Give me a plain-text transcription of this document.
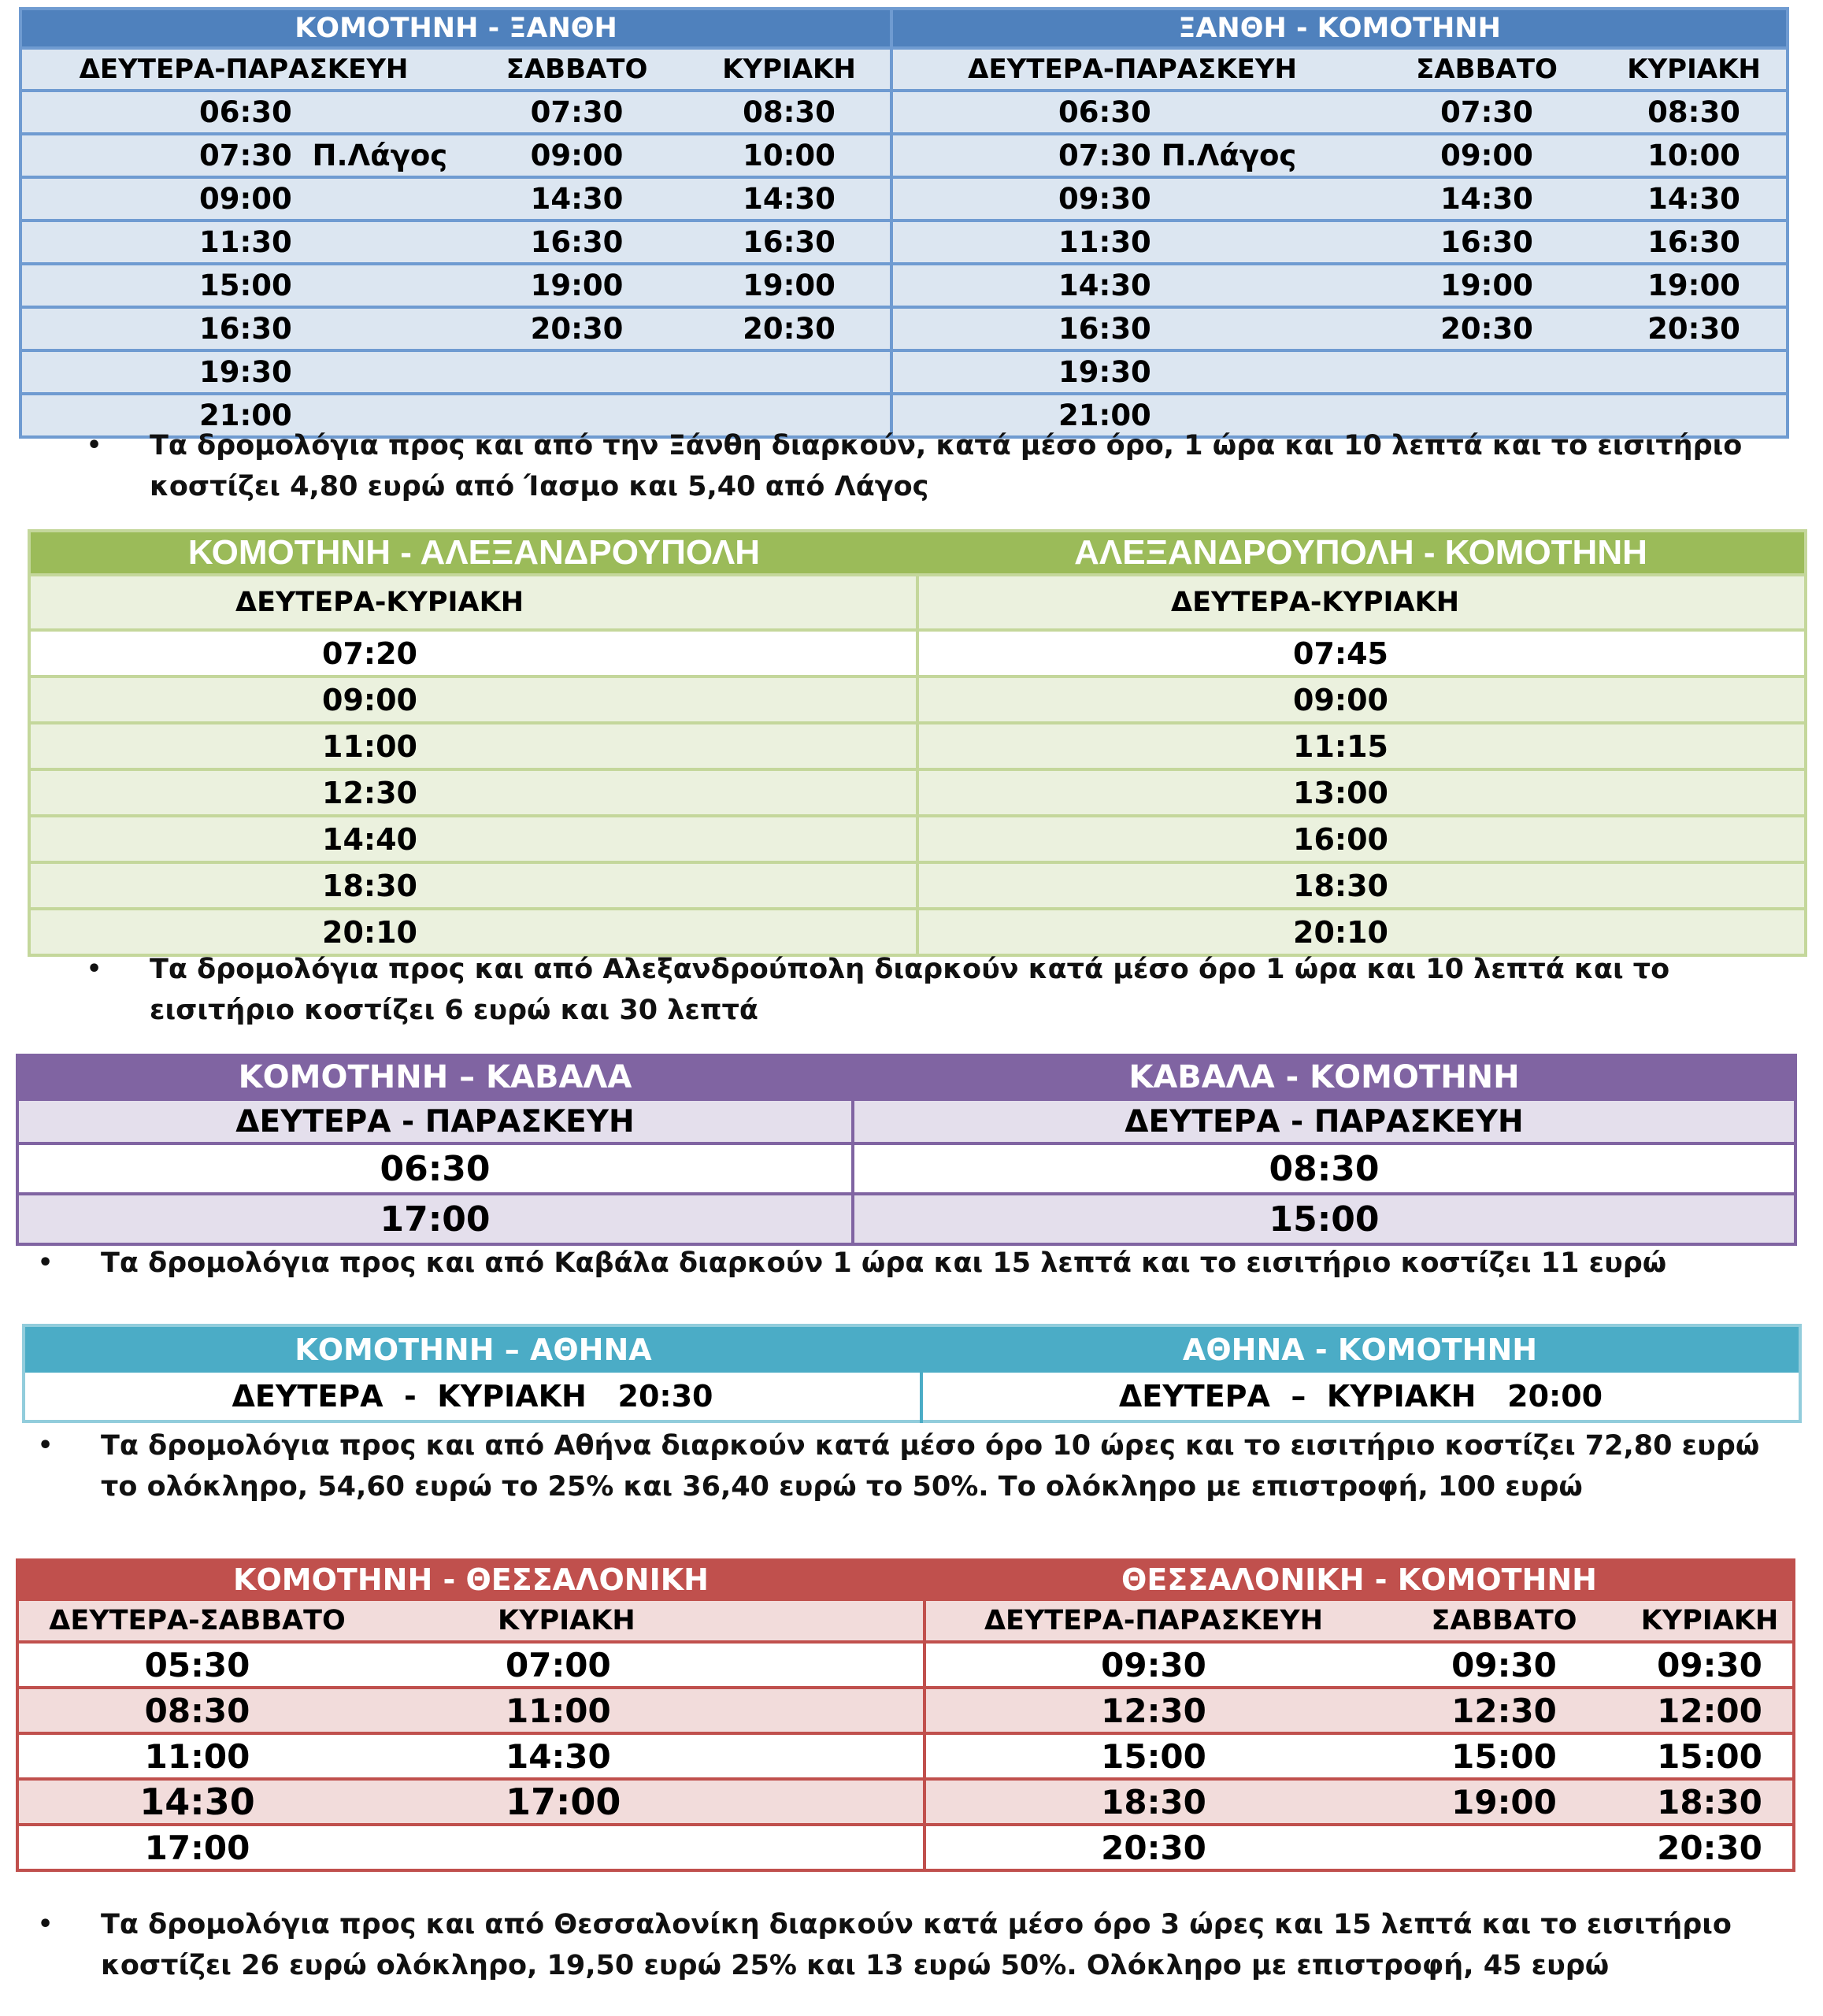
ΚΟΜΟΤΗΝΗ - ΞΑΝΘΗ			ΞΑΝΘΗ - ΚΟΜΟΤΗΝΗ		
ΔΕΥΤΕΡΑ-ΠΑΡΑΣΚΕΥΗ	ΣΑΒΒΑΤΟ	ΚΥΡΙΑΚΗ	ΔΕΥΤΕΡΑ-ΠΑΡΑΣΚΕΥΗ	ΣΑΒΒΑΤΟ	ΚΥΡΙΑΚΗ
06:30	07:30	08:30	06:30	07:30	08:30
07:30  Π.Λάγος	09:00	10:00	07:30 Π.Λάγος	09:00	10:00
09:00	14:30	14:30	09:30	14:30	14:30
11:30	16:30	16:30	11:30	16:30	16:30
15:00	19:00	19:00	14:30	19:00	19:00
16:30	20:30	20:30	16:30	20:30	20:30
19:30			19:30		
21:00			21:00		
• Τα δρομολόγια προς και από την Ξάνθη διαρκούν, κατά μέσο όρο, 1 ώρα και 10 λεπτά και το εισιτήριο κοστίζει 4,80 ευρώ από Ίασμο και 5,40 από Λάγος
ΚΟΜΟΤΗΝΗ - ΑΛΕΞΑΝΔΡΟΥΠΟΛΗ	ΑΛΕΞΑΝΔΡΟΥΠΟΛΗ - ΚΟΜΟΤΗΝΗ
ΔΕΥΤΕΡΑ-ΚΥΡΙΑΚΗ	ΔΕΥΤΕΡΑ-ΚΥΡΙΑΚΗ
07:20	07:45
09:00	09:00
11:00	11:15
12:30	13:00
14:40	16:00
18:30	18:30
20:10	20:10
• Τα δρομολόγια προς και από Αλεξανδρούπολη διαρκούν κατά μέσο όρο 1 ώρα και 10 λεπτά και το εισιτήριο κοστίζει 6 ευρώ και 30 λεπτά
ΚΟΜΟΤΗΝΗ – ΚΑΒΑΛΑ	ΚΑΒΑΛΑ - ΚΟΜΟΤΗΝΗ
ΔΕΥΤΕΡΑ - ΠΑΡΑΣΚΕΥΗ	ΔΕΥΤΕΡΑ - ΠΑΡΑΣΚΕΥΗ
06:30	08:30
17:00	15:00
• Τα δρομολόγια προς και από Καβάλα διαρκούν 1 ώρα και 15 λεπτά και το εισιτήριο κοστίζει 11 ευρώ
ΚΟΜΟΤΗΝΗ – ΑΘΗΝΑ	ΑΘΗΝΑ - ΚΟΜΟΤΗΝΗ
ΔΕΥΤΕΡΑ  -  ΚΥΡΙΑΚΗ   20:30	ΔΕΥΤΕΡΑ  –  ΚΥΡΙΑΚΗ   20:00
• Τα δρομολόγια προς και από Αθήνα διαρκούν κατά μέσο όρο 10 ώρες και το εισιτήριο κοστίζει 72,80 ευρώ το ολόκληρο, 54,60 ευρώ το 25% και 36,40 ευρώ το 50%. Το ολόκληρο με επιστροφή, 100 ευρώ
ΚΟΜΟΤΗΝΗ - ΘΕΣΣΑΛΟΝΙΚΗ		ΘΕΣΣΑΛΟΝΙΚΗ - ΚΟΜΟΤΗΝΗ		
ΔΕΥΤΕΡΑ-ΣΑΒΒΑΤΟ	ΚΥΡΙΑΚΗ	ΔΕΥΤΕΡΑ-ΠΑΡΑΣΚΕΥΗ	ΣΑΒΒΑΤΟ	ΚΥΡΙΑΚΗ
05:30	07:00	09:30	09:30	09:30
08:30	11:00	12:30	12:30	12:00
11:00	14:30	15:00	15:00	15:00
14:30	17:00	18:30	19:00	18:30
17:00		20:30		20:30
• Τα δρομολόγια προς και από Θεσσαλονίκη διαρκούν κατά μέσο όρο 3 ώρες και 15 λεπτά και το εισιτήριο κοστίζει 26 ευρώ ολόκληρο, 19,50 ευρώ 25% και 13 ευρώ 50%. Ολόκληρο με επιστροφή, 45 ευρώ
